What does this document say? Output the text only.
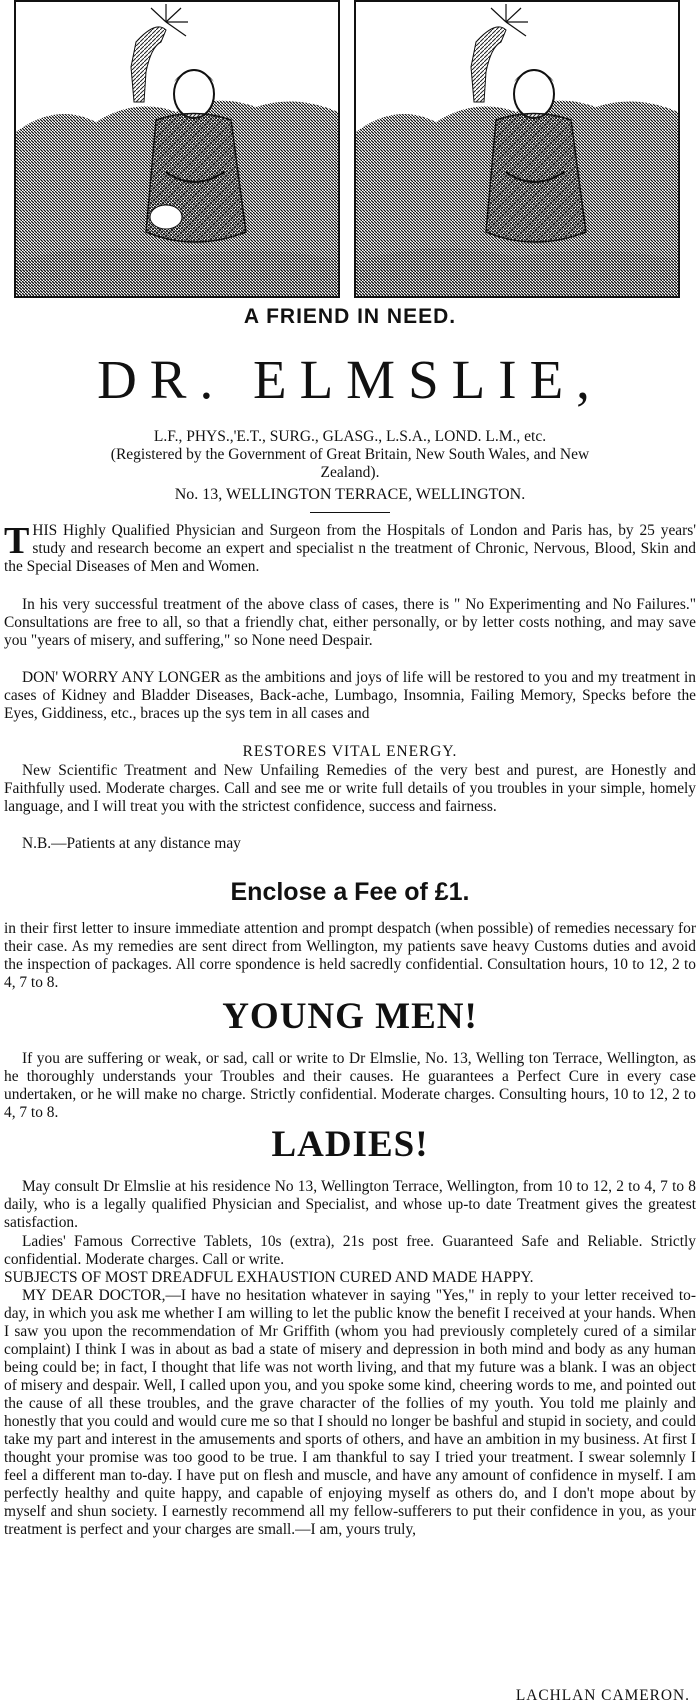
A FRIEND IN NEED.
DR. ELMSLIE,
L.F., PHYS.,'E.T., SURG., GLASG., L.S.A., LOND. L.M., etc.
(Registered by the Government of Great Britain, New South Wales, and New
Zealand).
No. 13, WELLINGTON TERRACE, WELLINGTON.
THIS Highly Qualified Physician and Surgeon from the Hospitals of London and Paris has, by 25 years' study and research become an expert and specialist n the treatment of Chronic, Nervous, Blood, Skin and the Special Diseases of Men and Women.
In his very successful treatment of the above class of cases, there is " No Experimenting and No Failures." Consultations are free to all, so that a friendly chat, either personally, or by letter costs nothing, and may save you "years of misery, and suffering," so None need Despair.
DON' WORRY ANY LONGER as the ambitions and joys of life will be restored to you and my treatment in cases of Kidney and Bladder Diseases, Back-ache, Lumbago, Insomnia, Failing Memory, Specks before the Eyes, Giddiness, etc., braces up the sys tem in all cases and
RESTORES VITAL ENERGY.
New Scientific Treatment and New Unfailing Remedies of the very best and purest, are Honestly and Faithfully used. Moderate charges. Call and see me or write full details of you troubles in your simple, homely language, and I will treat you with the strictest confidence, success and fairness.
N.B.—Patients at any distance may
Enclose a Fee of £1.
in their first letter to insure immediate attention and prompt despatch (when possible) of remedies necessary for their case. As my remedies are sent direct from Wellington, my patients save heavy Customs duties and avoid the inspection of packages. All corre spondence is held sacredly confidential. Consultation hours, 10 to 12, 2 to 4, 7 to 8.
YOUNG MEN!
If you are suffering or weak, or sad, call or write to Dr Elmslie, No. 13, Welling ton Terrace, Wellington, as he thoroughly understands your Troubles and their causes. He guarantees a Perfect Cure in every case undertaken, or he will make no charge. Strictly confidential. Moderate charges. Consulting hours, 10 to 12, 2 to 4, 7 to 8.
LADIES!
May consult Dr Elmslie at his residence No 13, Wellington Terrace, Wellington, from 10 to 12, 2 to 4, 7 to 8 daily, who is a legally qualified Physician and Specialist, and whose up-to date Treatment gives the greatest satisfaction.
Ladies' Famous Corrective Tablets, 10s (extra), 21s post free. Guaranteed Safe and Reliable. Strictly confidential. Moderate charges. Call or write.
SUBJECTS OF MOST DREADFUL EXHAUSTION CURED AND MADE HAPPY.
MY DEAR DOCTOR,—I have no hesitation whatever in saying "Yes," in reply to your letter received to-day, in which you ask me whether I am willing to let the public know the benefit I received at your hands. When I saw you upon the recommendation of Mr Griffith (whom you had previously completely cured of a similar complaint) I think I was in about as bad a state of misery and depression in both mind and body as any human being could be; in fact, I thought that life was not worth living, and that my future was a blank. I was an object of misery and despair. Well, I called upon you, and you spoke some kind, cheering words to me, and pointed out the cause of all these troubles, and the grave character of the follies of my youth. You told me plainly and honestly that you could and would cure me so that I should no longer be bashful and stupid in society, and could take my part and interest in the amusements and sports of others, and have an ambition in my business. At first I thought your promise was too good to be true. I am thankful to say I tried your treatment. I swear solemnly I feel a different man to-day. I have put on flesh and muscle, and have any amount of confidence in myself. I am perfectly healthy and quite happy, and capable of enjoying myself as others do, and I don't mope about by myself and shun society. I earnestly recommend all my fellow-sufferers to put their confidence in you, as your treatment is perfect and your charges are small.—I am, yours truly,
LACHLAN CAMERON.
